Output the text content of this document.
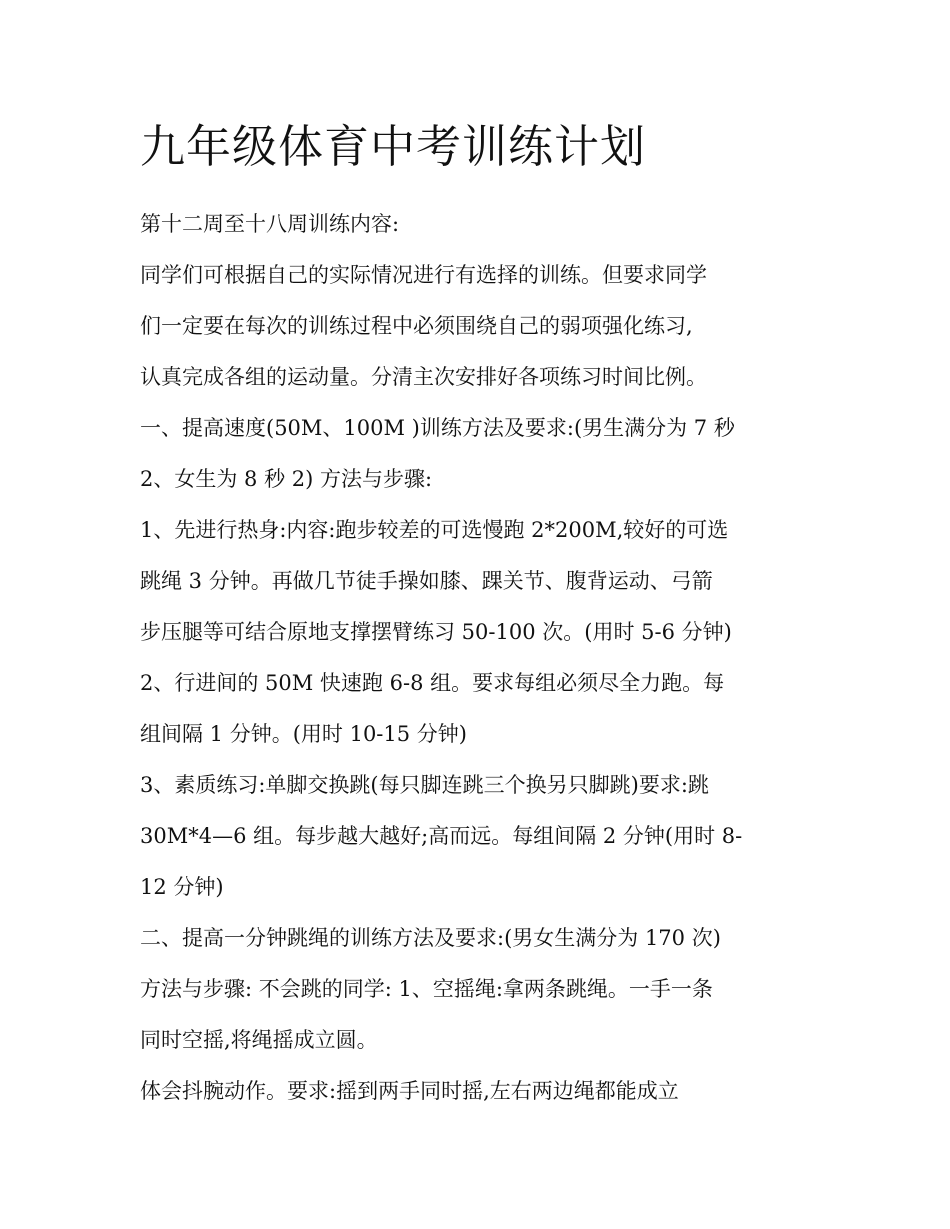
九年级体育中考训练计划
第十二周至十八周训练内容:
同学们可根据自己的实际情况进行有选择的训练。但要求同学
们一定要在每次的训练过程中必须围绕自己的弱项强化练习,
认真完成各组的运动量。分清主次安排好各项练习时间比例。
一、提高速度(50M、100M )训练方法及要求:(男生满分为 7 秒
2、女生为 8 秒 2) 方法与步骤:
1、先进行热身:内容:跑步较差的可选慢跑 2*200M,较好的可选
跳绳 3 分钟。再做几节徒手操如膝、踝关节、腹背运动、弓箭
步压腿等可结合原地支撑摆臂练习 50-100 次。(用时 5-6 分钟)
2、行进间的 50M 快速跑 6-8 组。要求每组必须尽全力跑。每
组间隔 1 分钟。(用时 10-15 分钟)
3、素质练习:单脚交换跳(每只脚连跳三个换另只脚跳)要求:跳
30M*4—6 组。每步越大越好;高而远。每组间隔 2 分钟(用时 8-
12 分钟)
二、提高一分钟跳绳的训练方法及要求:(男女生满分为 170 次)
方法与步骤: 不会跳的同学: 1、空摇绳:拿两条跳绳。一手一条
同时空摇,将绳摇成立圆。
体会抖腕动作。要求:摇到两手同时摇,左右两边绳都能成立
